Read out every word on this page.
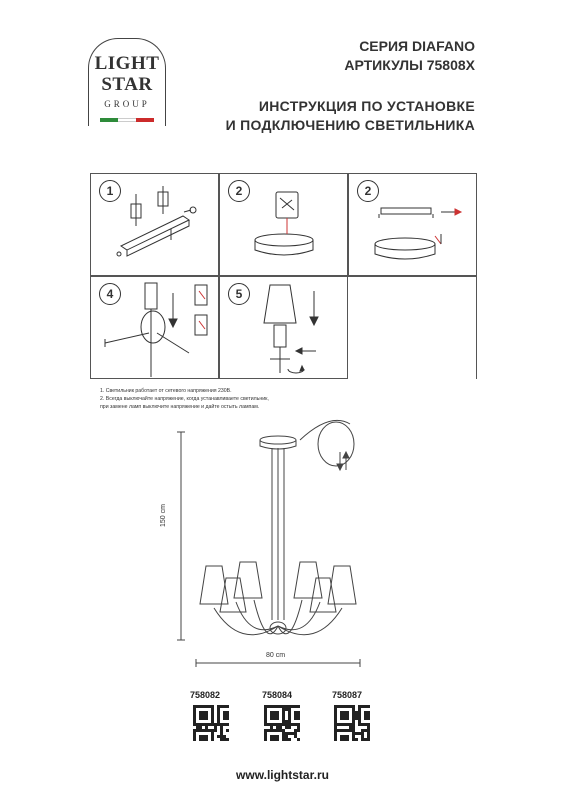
LIGHT
STAR
GROUP
СЕРИЯ DIAFANO
АРТИКУЛЫ 75808X
ИНСТРУКЦИЯ ПО УСТАНОВКЕ
И ПОДКЛЮЧЕНИЮ СВЕТИЛЬНИКА
1	2	2
4	5
1. Светильник работает от сетевого напряжения 230В.
2. Всегда выключайте напряжение, когда устанавливаете светильник,
при замене ламп выключите напряжение и дайте остыть лампам.
150 cm
80 cm
758082	758084	758087
www.lightstar.ru
